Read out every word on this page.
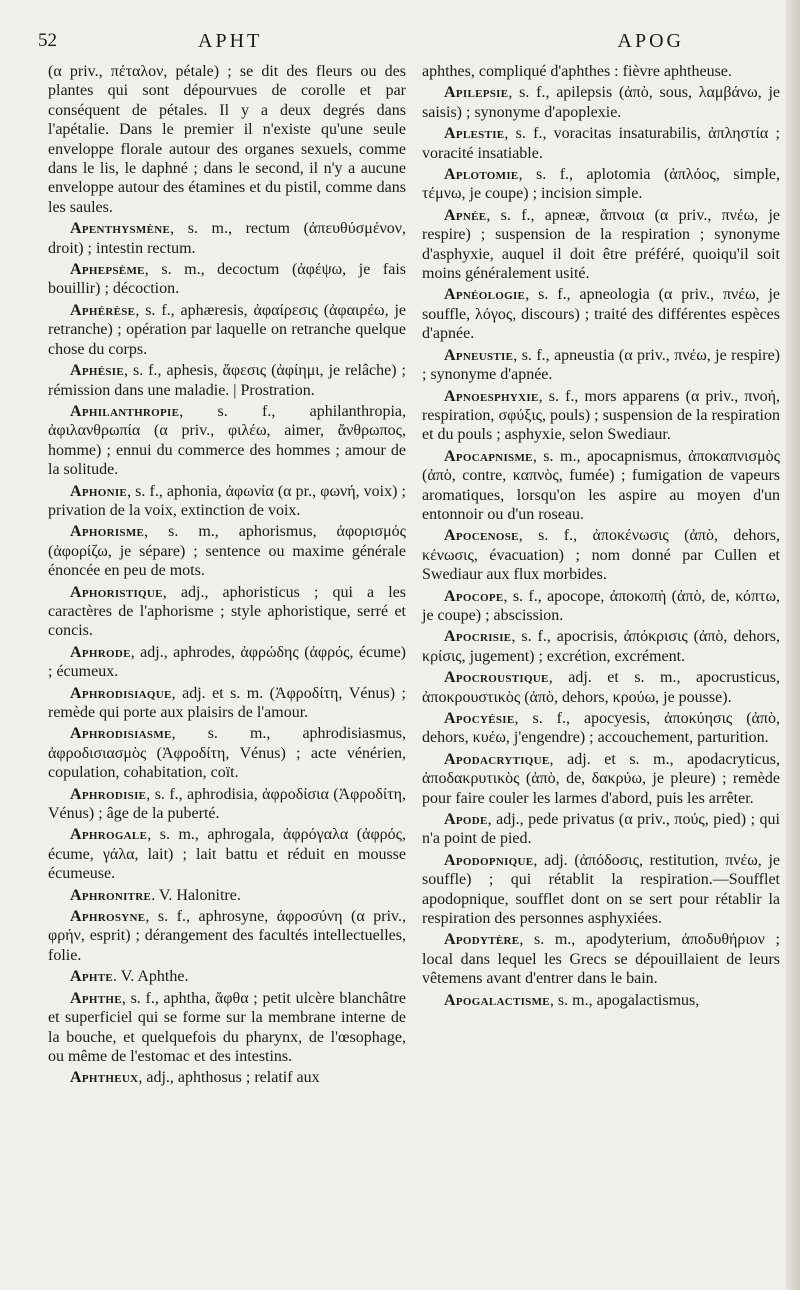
52	APHT	APOG

(α priv., πέταλον, pétale) ; se dit des fleurs ou des plantes qui sont dépourvues de corolle et par conséquent de pétales. Il y a deux degrés dans l'apétalie. Dans le premier il n'existe qu'une seule enveloppe florale autour des organes sexuels, comme dans le lis, le daphné ; dans le second, il n'y a aucune enveloppe autour des étamines et du pistil, comme dans les saules.

Apenthysmène, s. m., rectum (ἀπευθύσμένον, droit) ; intestin rectum.

Aphepsème, s. m., decoctum (ἀφέψω, je fais bouillir) ; décoction.

Aphérèse, s. f., aphæresis, ἀφαίρεσις (ἀφαιρέω, je retranche) ; opération par laquelle on retranche quelque chose du corps.

Aphésie, s. f., aphesis, ἄφεσις (ἀφίημι, je relâche) ; rémission dans une maladie. | Prostration.

Aphilanthropie, s. f., aphilanthropia, ἀφιλανθρωπία (α priv., φιλέω, aimer, ἄνθρωπος, homme) ; ennui du commerce des hommes ; amour de la solitude.

Aphonie, s. f., aphonia, ἀφωνία (α pr., φωνή, voix) ; privation de la voix, extinction de voix.

Aphorisme, s. m., aphorismus, ἀφορισμός (ἀφορίζω, je sépare) ; sentence ou maxime générale énoncée en peu de mots.

Aphoristique, adj., aphoristicus ; qui a les caractères de l'aphorisme ; style aphoristique, serré et concis.

Aphrode, adj., aphrodes, ἀφρώδης (ἀφρός, écume) ; écumeux.

Aphrodisiaque, adj. et s. m. (Ἀφροδίτη, Vénus) ; remède qui porte aux plaisirs de l'amour.

Aphrodisiasme, s. m., aphrodisiasmus, ἀφροδισιασμὸς (Ἀφροδίτη, Vénus) ; acte vénérien, copulation, cohabitation, coït.

Aphrodisie, s. f., aphrodisia, ἀφροδίσια (Ἀφροδίτη, Vénus) ; âge de la puberté.

Aphrogale, s. m., aphrogala, ἀφρόγαλα (ἀφρός, écume, γάλα, lait) ; lait battu et réduit en mousse écumeuse.

Aphronitre. V. Halonitre.

Aphrosyne, s. f., aphrosyne, ἀφροσύνη (α priv., φρήν, esprit) ; dérangement des facultés intellectuelles, folie.

Aphte. V. Aphthe.

Aphthe, s. f., aphtha, ἄφθα ; petit ulcère blanchâtre et superficiel qui se forme sur la membrane interne de la bouche, et quelquefois du pharynx, de l'œsophage, ou même de l'estomac et des intestins.

Aphtheux, adj., aphthosus ; relatif aux

aphthes, compliqué d'aphthes : fièvre aphtheuse.

Apilepsie, s. f., apilepsis (ἀπὸ, sous, λαμβάνω, je saisis) ; synonyme d'apoplexie.

Aplestie, s. f., voracitas insaturabilis, ἀπληστία ; voracité insatiable.

Aplotomie, s. f., aplotomia (ἁπλόος, simple, τέμνω, je coupe) ; incision simple.

Apnée, s. f., apneæ, ἄπνοια (α priv., πνέω, je respire) ; suspension de la respiration ; synonyme d'asphyxie, auquel il doit être préféré, quoiqu'il soit moins généralement usité.

Apnéologie, s. f., apneologia (α priv., πνέω, je souffle, λόγος, discours) ; traité des différentes espèces d'apnée.

Apneustie, s. f., apneustia (α priv., πνέω, je respire) ; synonyme d'apnée.

Apnoesphyxie, s. f., mors apparens (α priv., πνοή, respiration, σφύξις, pouls) ; suspension de la respiration et du pouls ; asphyxie, selon Swediaur.

Apocapnisme, s. m., apocapnismus, ἀποκαπνισμὸς (ἀπὸ, contre, καπνὸς, fumée) ; fumigation de vapeurs aromatiques, lorsqu'on les aspire au moyen d'un entonnoir ou d'un roseau.

Apocenose, s. f., ἀποκένωσις (ἀπὸ, dehors, κένωσις, évacuation) ; nom donné par Cullen et Swediaur aux flux morbides.

Apocope, s. f., apocope, ἀποκοπὴ (ἀπὸ, de, κόπτω, je coupe) ; abscission.

Apocrisie, s. f., apocrisis, ἀπόκρισις (ἀπὸ, dehors, κρίσις, jugement) ; excrétion, excrément.

Apocroustique, adj. et s. m., apocrusticus, ἀποκρουστικὸς (ἀπὸ, dehors, κρούω, je pousse).

Apocyésie, s. f., apocyesis, ἀποκύησις (ἀπὸ, dehors, κυέω, j'engendre) ; accouchement, parturition.

Apodacrytique, adj. et s. m., apodacryticus, ἀποδακρυτικὸς (ἀπὸ, de, δακρύω, je pleure) ; remède pour faire couler les larmes d'abord, puis les arrêter.

Apode, adj., pede privatus (α priv., πούς, pied) ; qui n'a point de pied.

Apodopnique, adj. (ἀπόδοσις, restitution, πνέω, je souffle) ; qui rétablit la respiration.—Soufflet apodopnique, soufflet dont on se sert pour rétablir la respiration des personnes asphyxiées.

Apodytère, s. m., apodyterium, ἀποδυθήριον ; local dans lequel les Grecs se dépouillaient de leurs vêtemens avant d'entrer dans le bain.

Apogalactisme, s. m., apogalactismus,
